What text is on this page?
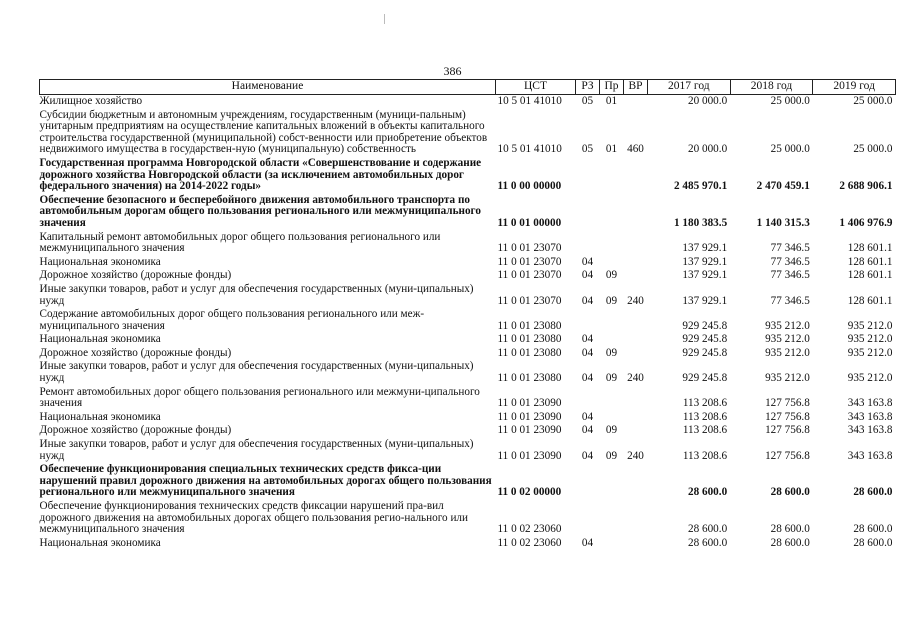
386
Наименование	ЦСТ	РЗ	Пр	ВР	2017 год	2018 год	2019 год
Жилищное хозяйство	10 5 01 41010	05	01		20 000.0	25 000.0	25 000.0
Субсидии бюджетным и автономным учреждениям, государственным (муници-пальным) унитарным предприятиям на осуществление капитальных вложений в объекты капитального строительства государственной (муниципальной) собст-венности или приобретение объектов недвижимого имущества в государствен-ную (муниципальную) собственность	10 5 01 41010	05	01	460	20 000.0	25 000.0	25 000.0
Государственная программа Новгородской области «Совершенствование и содержание дорожного хозяйства Новгородской области (за исключением автомобильных дорог федерального значения) на 2014-2022 годы»	11 0 00 00000				2 485 970.1	2 470 459.1	2 688 906.1
Обеспечение безопасного и бесперебойного движения автомобильного транспорта по автомобильным дорогам общего пользования регионального или межмуниципального значения	11 0 01 00000				1 180 383.5	1 140 315.3	1 406 976.9
Капитальный ремонт автомобильных дорог общего пользования регионального или межмуниципального значения	11 0 01 23070				137 929.1	77 346.5	128 601.1
Национальная экономика	11 0 01 23070	04			137 929.1	77 346.5	128 601.1
Дорожное хозяйство (дорожные фонды)	11 0 01 23070	04	09		137 929.1	77 346.5	128 601.1
Иные закупки товаров, работ и услуг для обеспечения государственных (муни-ципальных) нужд	11 0 01 23070	04	09	240	137 929.1	77 346.5	128 601.1
Содержание автомобильных дорог общего пользования регионального или меж-муниципального значения	11 0 01 23080				929 245.8	935 212.0	935 212.0
Национальная экономика	11 0 01 23080	04			929 245.8	935 212.0	935 212.0
Дорожное хозяйство (дорожные фонды)	11 0 01 23080	04	09		929 245.8	935 212.0	935 212.0
Иные закупки товаров, работ и услуг для обеспечения государственных (муни-ципальных) нужд	11 0 01 23080	04	09	240	929 245.8	935 212.0	935 212.0
Ремонт автомобильных дорог общего пользования регионального или межмуни-ципального значения	11 0 01 23090				113 208.6	127 756.8	343 163.8
Национальная экономика	11 0 01 23090	04			113 208.6	127 756.8	343 163.8
Дорожное хозяйство (дорожные фонды)	11 0 01 23090	04	09		113 208.6	127 756.8	343 163.8
Иные закупки товаров, работ и услуг для обеспечения государственных (муни-ципальных) нужд	11 0 01 23090	04	09	240	113 208.6	127 756.8	343 163.8
Обеспечение функционирования специальных технических средств фикса-ции нарушений правил дорожного движения на автомобильных дорогах общего пользования регионального или межмуниципального значения	11 0 02 00000				28 600.0	28 600.0	28 600.0
Обеспечение функционирования технических средств фиксации нарушений пра-вил дорожного движения на автомобильных дорогах общего пользования регио-нального или межмуниципального значения	11 0 02 23060				28 600.0	28 600.0	28 600.0
Национальная экономика	11 0 02 23060	04			28 600.0	28 600.0	28 600.0
